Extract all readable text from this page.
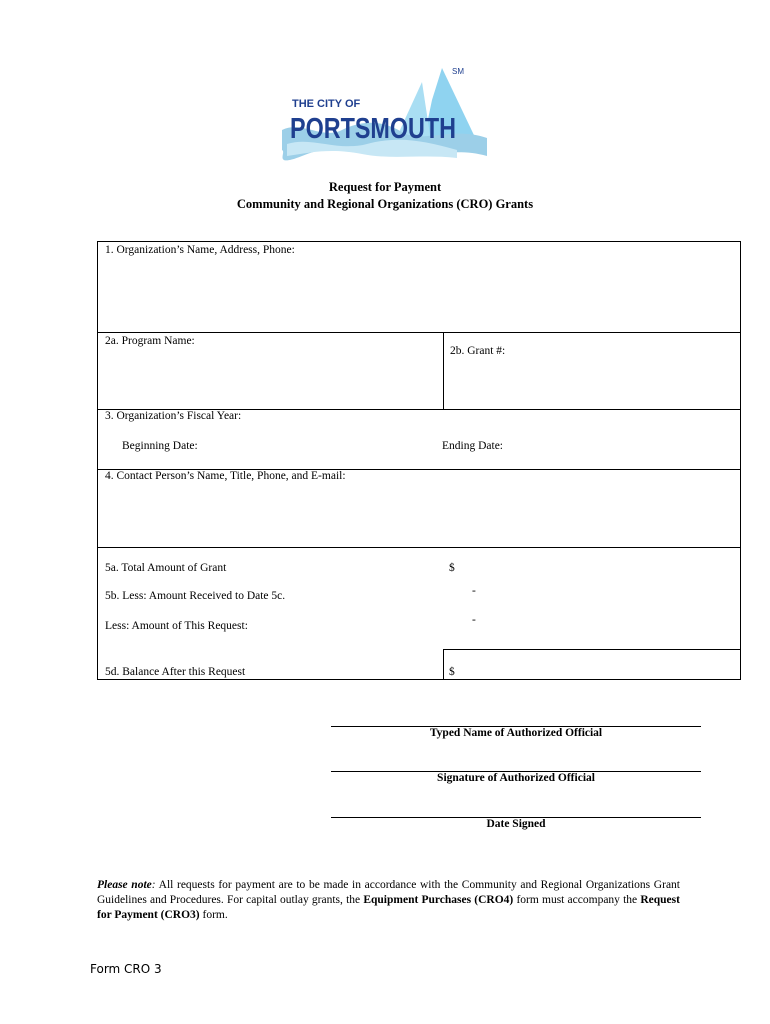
THE CITY OF
PORTSMOUTH
SM
Request for Payment
Community and Regional Organizations (CRO) Grants
1. Organization’s Name, Address, Phone:
2a. Program Name:
2b. Grant #:
3. Organization’s Fiscal Year:
Beginning Date:	Ending Date:
4. Contact Person’s Name, Title, Phone, and E-mail:
5a. Total Amount of Grant	$
5b. Less: Amount Received to Date 5c.	-
Less: Amount of This Request:	-
5d. Balance After this Request	$
Typed Name of Authorized Official
Signature of Authorized Official
Date Signed
Please note: All requests for payment are to be made in accordance with the Community and Regional Organizations Grant Guidelines and Procedures. For capital outlay grants, the Equipment Purchases (CRO4) form must accompany the Request for Payment (CRO3) form.
Form CRO 3
